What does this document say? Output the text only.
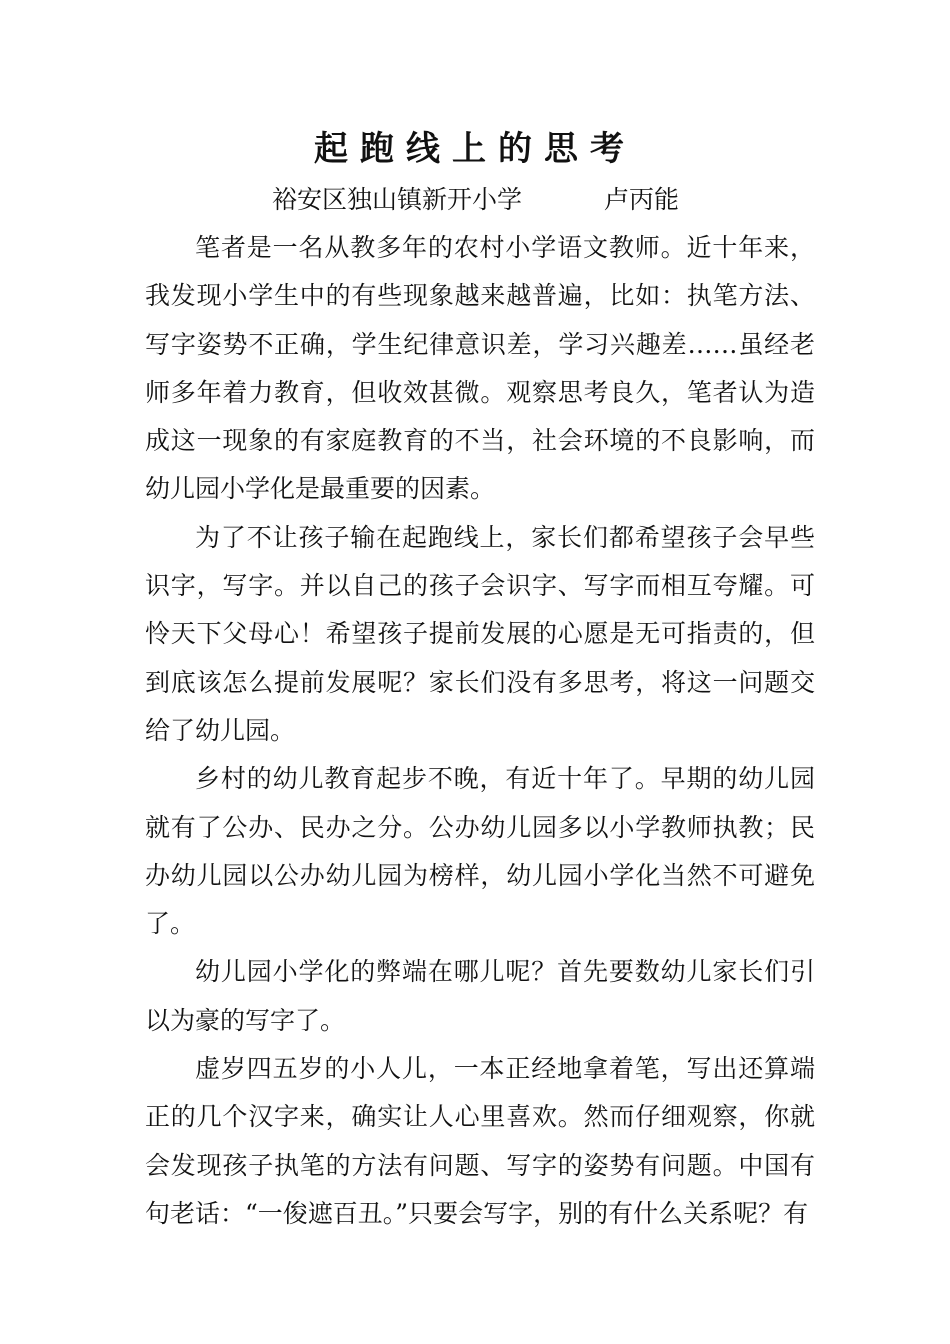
起跑线上的思考
裕安区独山镇新开小学	卢丙能

笔者是一名从教多年的农村小学语文教师。近十年来，我发现小学生中的有些现象越来越普遍，比如：执笔方法、写字姿势不正确，学生纪律意识差，学习兴趣差……虽经老师多年着力教育，但收效甚微。观察思考良久，笔者认为造成这一现象的有家庭教育的不当，社会环境的不良影响，而幼儿园小学化是最重要的因素。

为了不让孩子输在起跑线上，家长们都希望孩子会早些识字，写字。并以自己的孩子会识字、写字而相互夸耀。可怜天下父母心！希望孩子提前发展的心愿是无可指责的，但到底该怎么提前发展呢？家长们没有多思考，将这一问题交给了幼儿园。

乡村的幼儿教育起步不晚，有近十年了。早期的幼儿园就有了公办、民办之分。公办幼儿园多以小学教师执教；民办幼儿园以公办幼儿园为榜样，幼儿园小学化当然不可避免了。

幼儿园小学化的弊端在哪儿呢？首先要数幼儿家长们引以为豪的写字了。

虚岁四五岁的小人儿，一本正经地拿着笔，写出还算端正的几个汉字来，确实让人心里喜欢。然而仔细观察，你就会发现孩子执笔的方法有问题、写字的姿势有问题。中国有句老话：“一俊遮百丑。”只要会写字，别的有什么关系呢？有
